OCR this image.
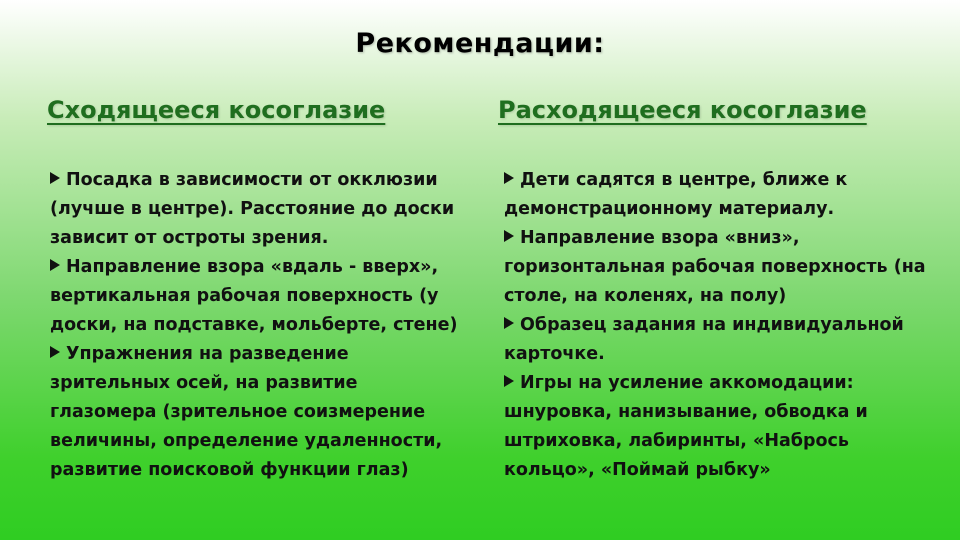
Рекомендации:
Сходящееся косоглазие	Расходящееся косоглазие

Посадка в зависимости от окклюзии (лучше в центре). Расстояние до доски зависит от остроты зрения.

Направление взора «вдаль - вверх», вертикальная рабочая поверхность (у доски, на подставке, мольберте, стене)

Упражнения на разведение зрительных осей, на развитие глазомера (зрительное соизмерение величины, определение удаленности, развитие поисковой функции глаз)

Дети садятся в центре, ближе к демонстрационному материалу.

Направление взора «вниз», горизонтальная рабочая поверхность (на столе, на коленях, на полу)

Образец задания на индивидуальной карточке.

Игры на усиление аккомодации: шнуровка, нанизывание, обводка и штриховка, лабиринты, «Набрось кольцо», «Поймай рыбку»
